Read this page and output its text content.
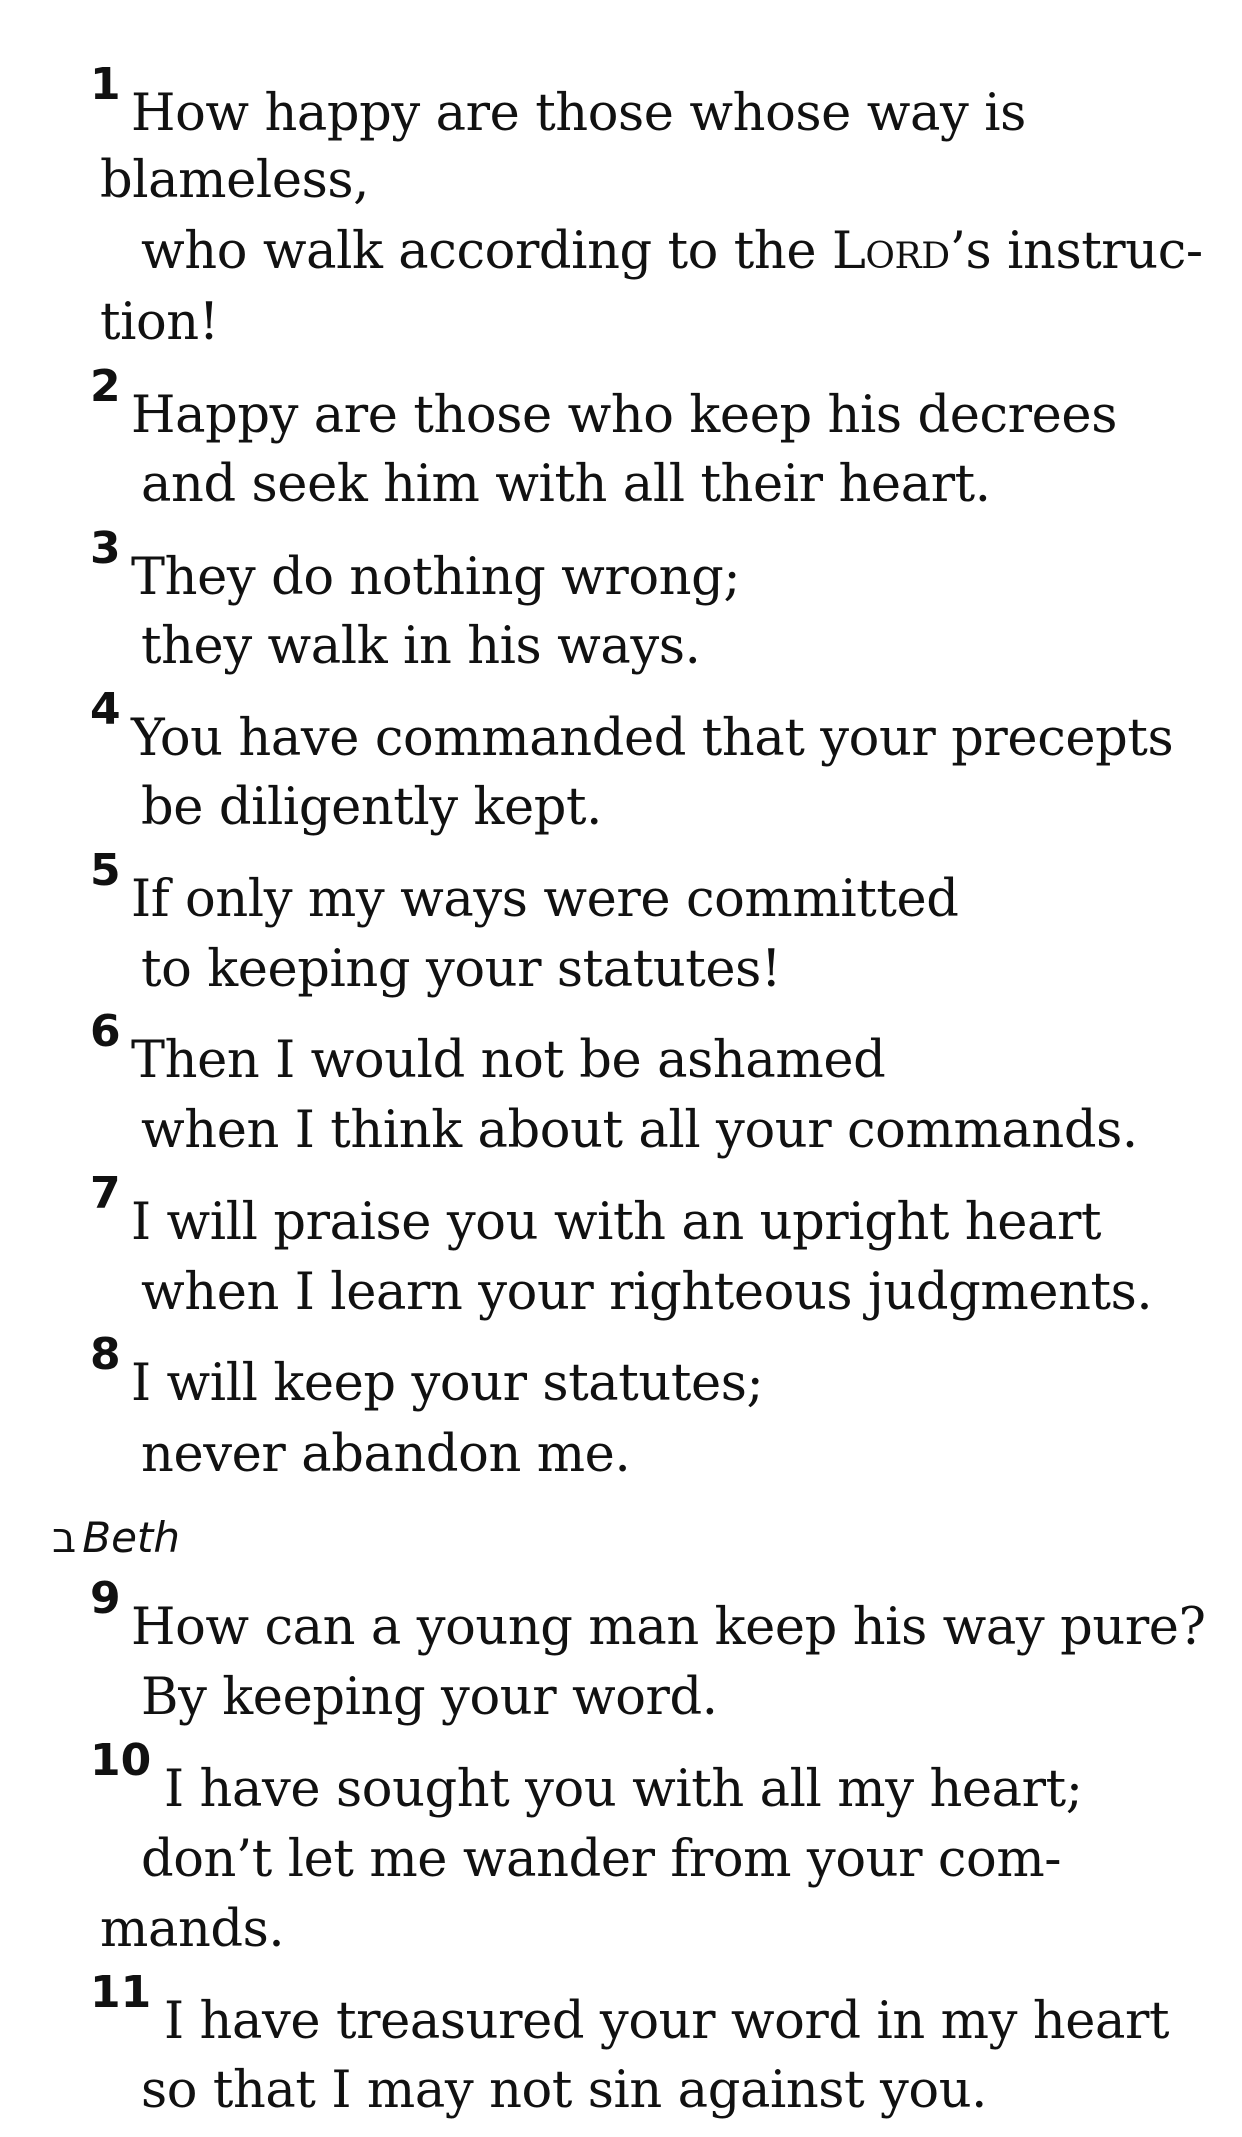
1 How happy are those whose way is
blameless,
who walk according to the Lord’s instruc-
tion!
2 Happy are those who keep his decrees
and seek him with all their heart.
3 They do nothing wrong;
they walk in his ways.
4 You have commanded that your precepts
be diligently kept.
5 If only my ways were committed
to keeping your statutes!
6 Then I would not be ashamed
when I think about all your commands.
7 I will praise you with an upright heart
when I learn your righteous judgments.
8 I will keep your statutes;
never abandon me.
ב Beth
9 How can a young man keep his way pure?
By keeping your word.
10 I have sought you with all my heart;
don’t let me wander from your com-
mands.
11 I have treasured your word in my heart
so that I may not sin against you.
